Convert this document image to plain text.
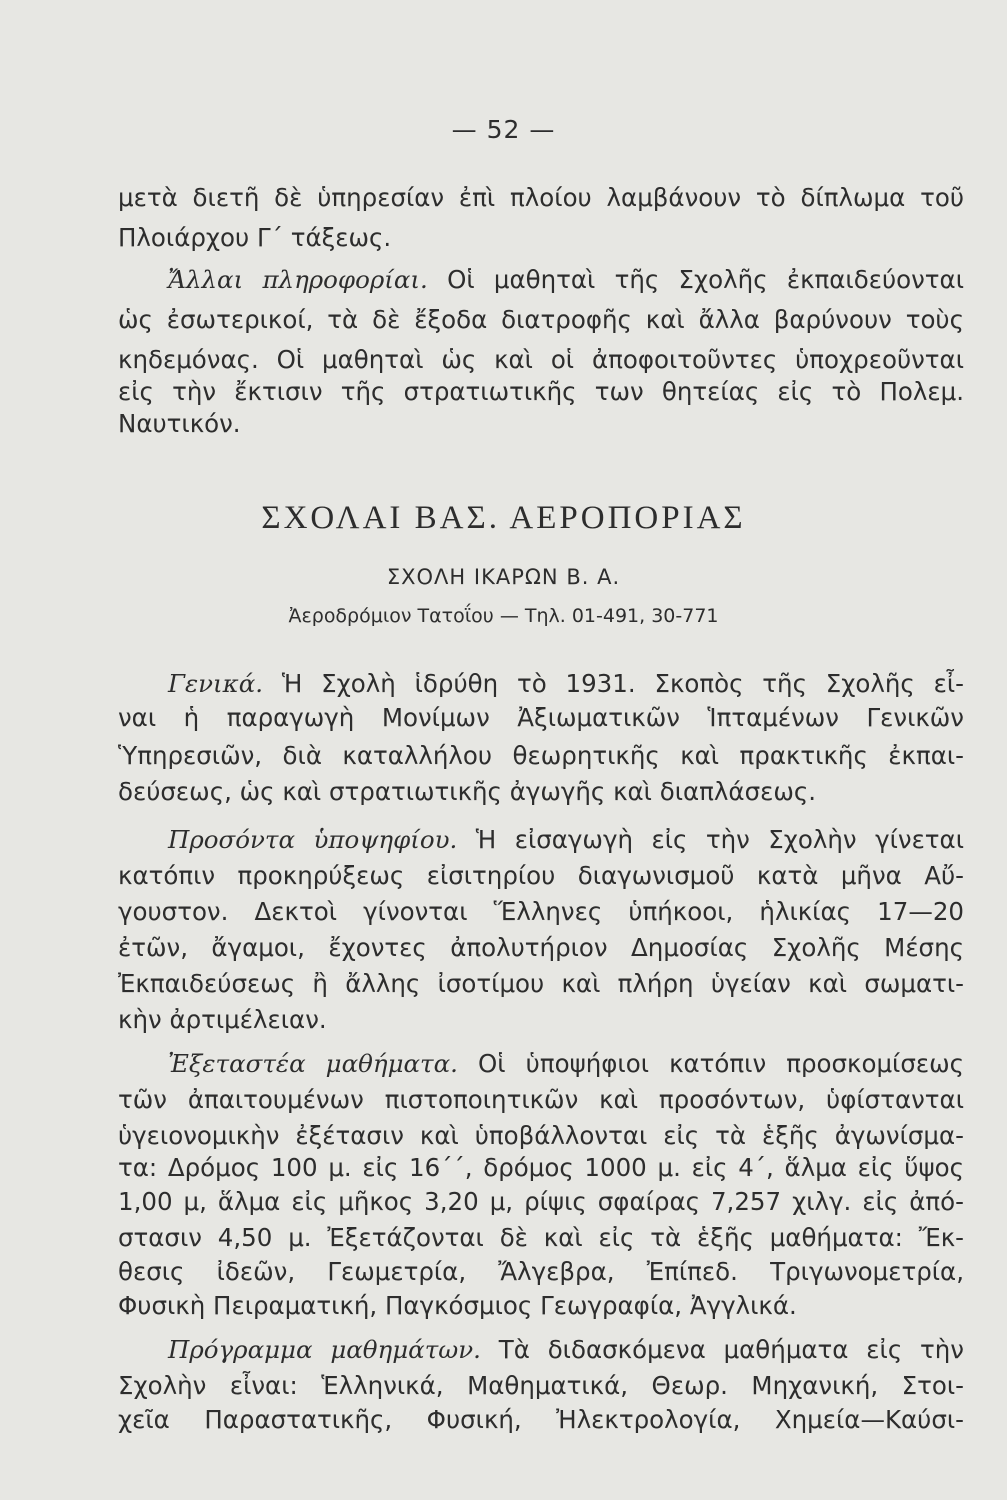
— 52 —
μετὰ διετῆ δὲ ὑπηρεσίαν ἐπὶ πλοίου λαμβάνουν τὸ δίπλωμα τοῦ
Πλοιάρχου Γ΄ τάξεως.
Ἄλλαι πληροφορίαι. Οἱ μαθηταὶ τῆς Σχολῆς ἐκπαιδεύονται
ὡς ἐσωτερικοί, τὰ δὲ ἔξοδα διατροφῆς καὶ ἄλλα βαρύνουν τοὺς
κηδεμόνας. Οἱ μαθηταὶ ὡς καὶ οἱ ἀποφοιτοῦντες ὑποχρεοῦνται
εἰς τὴν ἔκτισιν τῆς στρατιωτικῆς των θητείας εἰς τὸ Πολεμ.
Ναυτικόν.
ΣΧΟΛΑΙ ΒΑΣ. ΑΕΡΟΠΟΡΙΑΣ
ΣΧΟΛΗ ΙΚΑΡΩΝ Β. Α.
Ἀεροδρόμιον Τατοΐου — Τηλ. 01-491, 30-771
Γενικά. Ἡ Σχολὴ ἱδρύθη τὸ 1931. Σκοπὸς τῆς Σχολῆς εἶ-
ναι ἡ παραγωγὴ Μονίμων Ἀξιωματικῶν Ἱπταμένων Γενικῶν
Ὑπηρεσιῶν, διὰ καταλλήλου θεωρητικῆς καὶ πρακτικῆς ἐκπαι-
δεύσεως, ὡς καὶ στρατιωτικῆς ἀγωγῆς καὶ διαπλάσεως.
Προσόντα ὑποψηφίου. Ἡ εἰσαγωγὴ εἰς τὴν Σχολὴν γίνεται
κατόπιν προκηρύξεως εἰσιτηρίου διαγωνισμοῦ κατὰ μῆνα Αὔ-
γουστον. Δεκτοὶ γίνονται Ἕλληνες ὑπήκοοι, ἡλικίας 17—20
ἐτῶν, ἄγαμοι, ἔχοντες ἀπολυτήριον Δημοσίας Σχολῆς Μέσης
Ἐκπαιδεύσεως ἢ ἄλλης ἰσοτίμου καὶ πλήρη ὑγείαν καὶ σωματι-
κὴν ἀρτιμέλειαν.
Ἐξεταστέα μαθήματα. Οἱ ὑποψήφιοι κατόπιν προσκομίσεως
τῶν ἀπαιτουμένων πιστοποιητικῶν καὶ προσόντων, ὑφίστανται
ὑγειονομικὴν ἐξέτασιν καὶ ὑποβάλλονται εἰς τὰ ἑξῆς ἀγωνίσμα-
τα: Δρόμος 100 μ. εἰς 16΄΄, δρόμος 1000 μ. εἰς 4΄, ἅλμα εἰς ὕψος
1,00 μ, ἅλμα εἰς μῆκος 3,20 μ, ρίψις σφαίρας 7,257 χιλγ. εἰς ἀπό-
στασιν 4,50 μ. Ἐξετάζονται δὲ καὶ εἰς τὰ ἑξῆς μαθήματα: Ἔκ-
θεσις ἰδεῶν, Γεωμετρία, Ἄλγεβρα, Ἐπίπεδ. Τριγωνομετρία,
Φυσικὴ Πειραματική, Παγκόσμιος Γεωγραφία, Ἀγγλικά.
Πρόγραμμα μαθημάτων. Τὰ διδασκόμενα μαθήματα εἰς τὴν
Σχολὴν εἶναι: Ἑλληνικά, Μαθηματικά, Θεωρ. Μηχανική, Στοι-
χεῖα Παραστατικῆς, Φυσική, Ἠλεκτρολογία, Χημεία—Καύσι-
